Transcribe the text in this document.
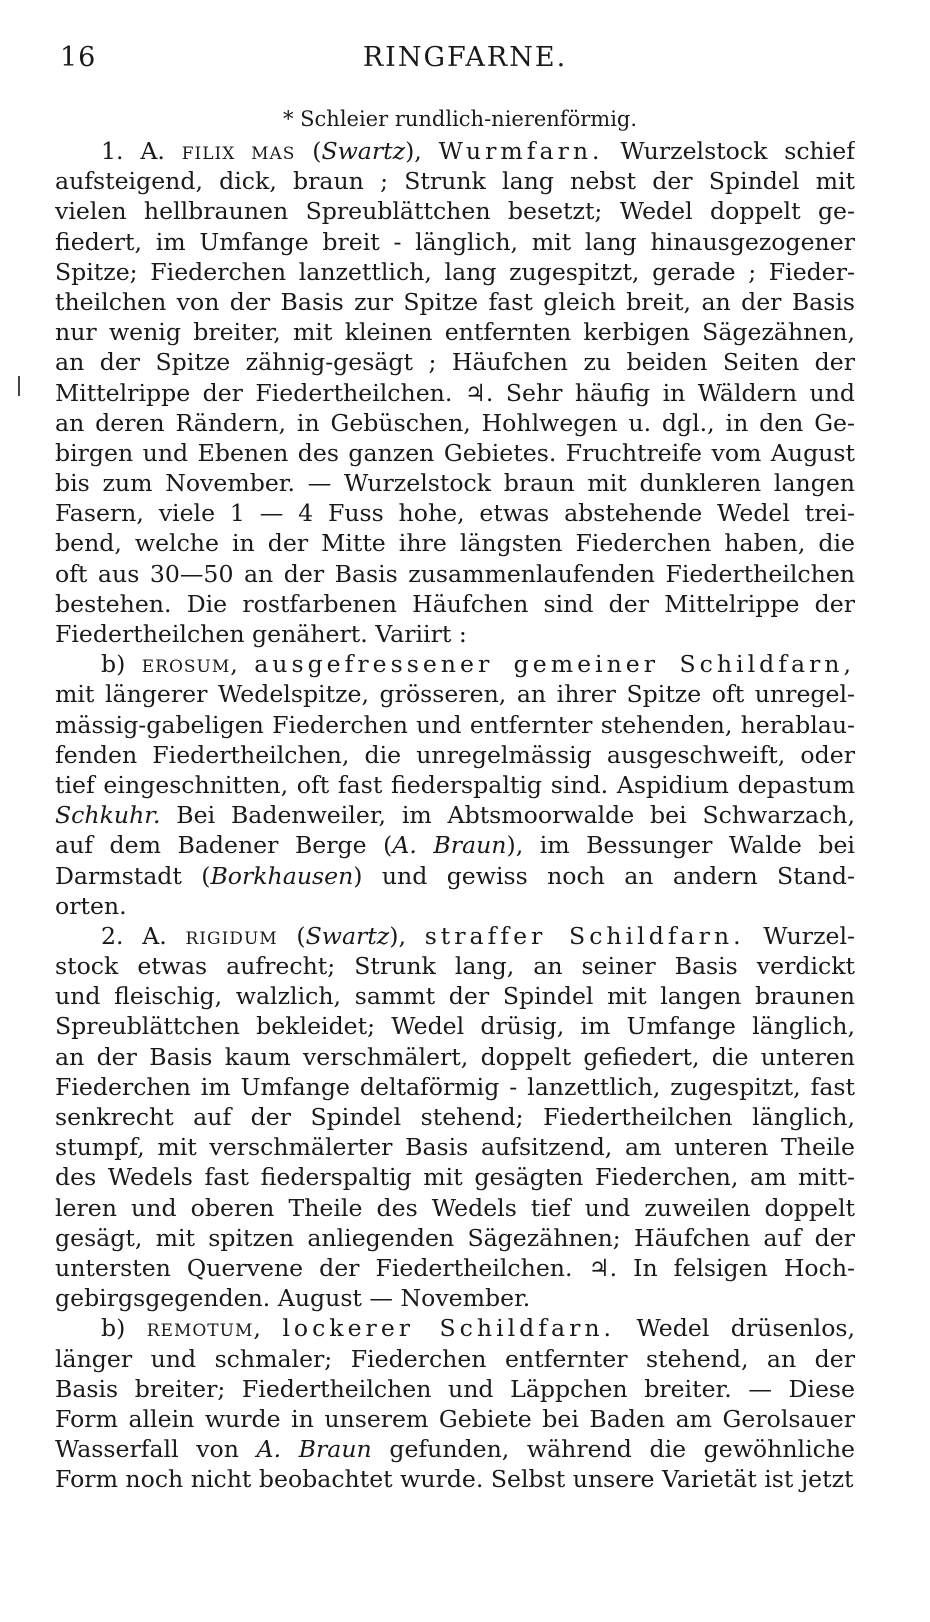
16	RINGFARNE.
* Schleier rundlich-nierenförmig.
1. A. FILIX MAS (Swartz), Wurmfarn. Wurzelstock schief
aufsteigend, dick, braun ; Strunk lang nebst der Spindel mit
vielen hellbraunen Spreublättchen besetzt; Wedel doppelt ge-
fiedert, im Umfange breit - länglich, mit lang hinausgezogener
Spitze; Fiederchen lanzettlich, lang zugespitzt, gerade ; Fieder-
theilchen von der Basis zur Spitze fast gleich breit, an der Basis
nur wenig breiter, mit kleinen entfernten kerbigen Sägezähnen,
an der Spitze zähnig-gesägt ; Häufchen zu beiden Seiten der
Mittelrippe der Fiedertheilchen. ♃. Sehr häufig in Wäldern und
an deren Rändern, in Gebüschen, Hohlwegen u. dgl., in den Ge-
birgen und Ebenen des ganzen Gebietes. Fruchtreife vom August
bis zum November. — Wurzelstock braun mit dunkleren langen
Fasern, viele 1 — 4 Fuss hohe, etwas abstehende Wedel trei-
bend, welche in der Mitte ihre längsten Fiederchen haben, die
oft aus 30—50 an der Basis zusammenlaufenden Fiedertheilchen
bestehen. Die rostfarbenen Häufchen sind der Mittelrippe der
Fiedertheilchen genähert. Variirt :
b) EROSUM, ausgefressener gemeiner Schildfarn,
mit längerer Wedelspitze, grösseren, an ihrer Spitze oft unregel-
mässig-gabeligen Fiederchen und entfernter stehenden, herablau-
fenden Fiedertheilchen, die unregelmässig ausgeschweift, oder
tief eingeschnitten, oft fast fiederspaltig sind. Aspidium depastum
Schkuhr. Bei Badenweiler, im Abtsmoorwalde bei Schwarzach,
auf dem Badener Berge (A. Braun), im Bessunger Walde bei
Darmstadt (Borkhausen) und gewiss noch an andern Stand-
orten.
2. A. RIGIDUM (Swartz), straffer Schildfarn. Wurzel-
stock etwas aufrecht; Strunk lang, an seiner Basis verdickt
und fleischig, walzlich, sammt der Spindel mit langen braunen
Spreublättchen bekleidet; Wedel drüsig, im Umfange länglich,
an der Basis kaum verschmälert, doppelt gefiedert, die unteren
Fiederchen im Umfange deltaförmig - lanzettlich, zugespitzt, fast
senkrecht auf der Spindel stehend; Fiedertheilchen länglich,
stumpf, mit verschmälerter Basis aufsitzend, am unteren Theile
des Wedels fast fiederspaltig mit gesägten Fiederchen, am mitt-
leren und oberen Theile des Wedels tief und zuweilen doppelt
gesägt, mit spitzen anliegenden Sägezähnen; Häufchen auf der
untersten Quervene der Fiedertheilchen. ♃. In felsigen Hoch-
gebirgsgegenden. August — November.
b) REMOTUM, lockerer Schildfarn. Wedel drüsenlos,
länger und schmaler; Fiederchen entfernter stehend, an der
Basis breiter; Fiedertheilchen und Läppchen breiter. — Diese
Form allein wurde in unserem Gebiete bei Baden am Gerolsauer
Wasserfall von A. Braun gefunden, während die gewöhnliche
Form noch nicht beobachtet wurde. Selbst unsere Varietät ist jetzt
